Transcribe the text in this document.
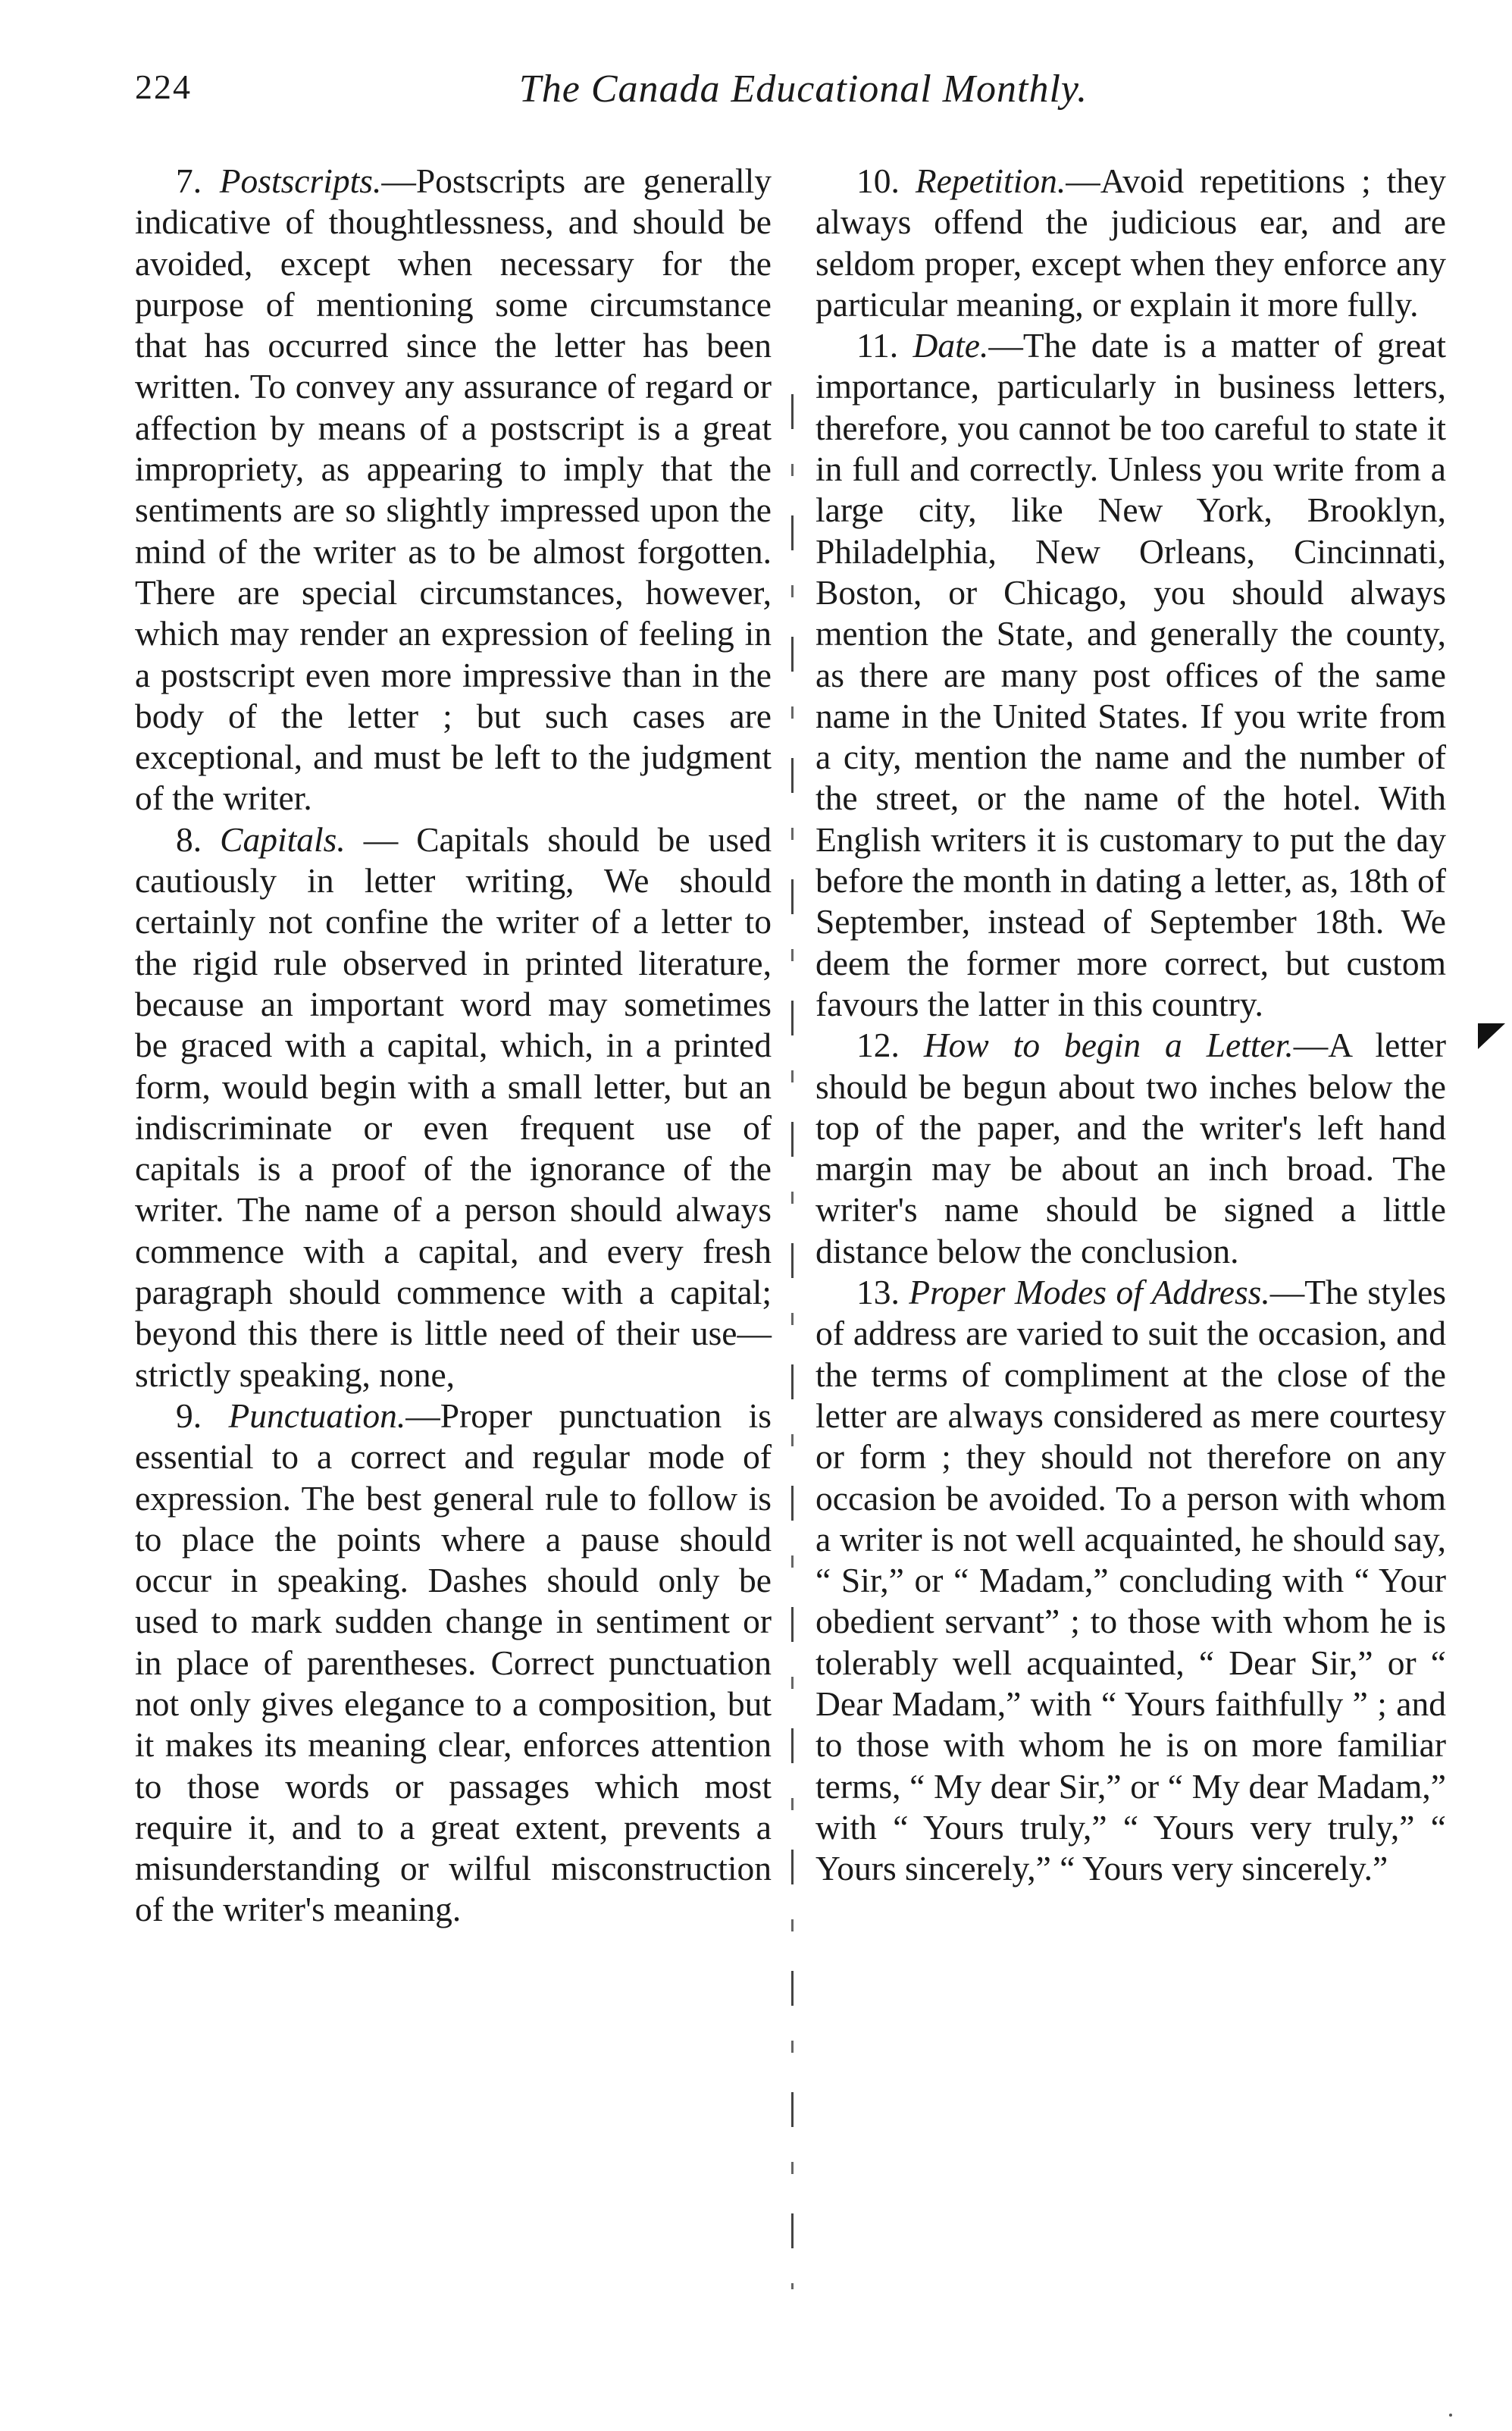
224	The Canada Educational Monthly.

7. Postscripts.—Postscripts are generally indicative of thoughtlessness, and should be avoided, except when necessary for the purpose of mentioning some circumstance that has occurred since the letter has been written. To convey any assurance of regard or affection by means of a postscript is a great impropriety, as appearing to imply that the sentiments are so slightly impressed upon the mind of the writer as to be almost forgotten. There are special circumstances, however, which may render an expression of feeling in a postscript even more impressive than in the body of the letter ; but such cases are exceptional, and must be left to the judgment of the writer.

8. Capitals. — Capitals should be used cautiously in letter writing, We should certainly not confine the writer of a letter to the rigid rule observed in printed literature, because an important word may sometimes be graced with a capital, which, in a printed form, would begin with a small letter, but an indiscriminate or even frequent use of capitals is a proof of the ignorance of the writer. The name of a person should always commence with a capital, and every fresh paragraph should commence with a capital; beyond this there is little need of their use—strictly speaking, none,

9. Punctuation.—Proper punctuation is essential to a correct and regular mode of expression. The best general rule to follow is to place the points where a pause should occur in speaking. Dashes should only be used to mark sudden change in sentiment or in place of parentheses. Correct punctuation not only gives elegance to a composition, but it makes its meaning clear, enforces attention to those words or passages which most require it, and to a great extent, prevents a misunderstanding or wilful misconstruction of the writer's meaning.

10. Repetition.—Avoid repetitions ; they always offend the judicious ear, and are seldom proper, except when they enforce any particular meaning, or explain it more fully.

11. Date.—The date is a matter of great importance, particularly in business letters, therefore, you cannot be too careful to state it in full and correctly. Unless you write from a large city, like New York, Brooklyn, Philadelphia, New Orleans, Cincinnati, Boston, or Chicago, you should always mention the State, and generally the county, as there are many post offices of the same name in the United States. If you write from a city, mention the name and the number of the street, or the name of the hotel. With English writers it is customary to put the day before the month in dating a letter, as, 18th of September, instead of September 18th. We deem the former more correct, but custom favours the latter in this country.

12. How to begin a Letter.—A letter should be begun about two inches below the top of the paper, and the writer's left hand margin may be about an inch broad. The writer's name should be signed a little distance below the conclusion.

13. Proper Modes of Address.—The styles of address are varied to suit the occasion, and the terms of compliment at the close of the letter are always considered as mere courtesy or form ; they should not therefore on any occasion be avoided. To a person with whom a writer is not well acquainted, he should say, “ Sir,” or “ Madam,” concluding with “ Your obedient servant” ; to those with whom he is tolerably well acquainted, “ Dear Sir,” or “ Dear Madam,” with “ Yours faithfully ” ; and to those with whom he is on more familiar terms, “ My dear Sir,” or “ My dear Madam,” with “ Yours truly,” “ Yours very truly,” “ Yours sincerely,” “ Yours very sincerely.”
